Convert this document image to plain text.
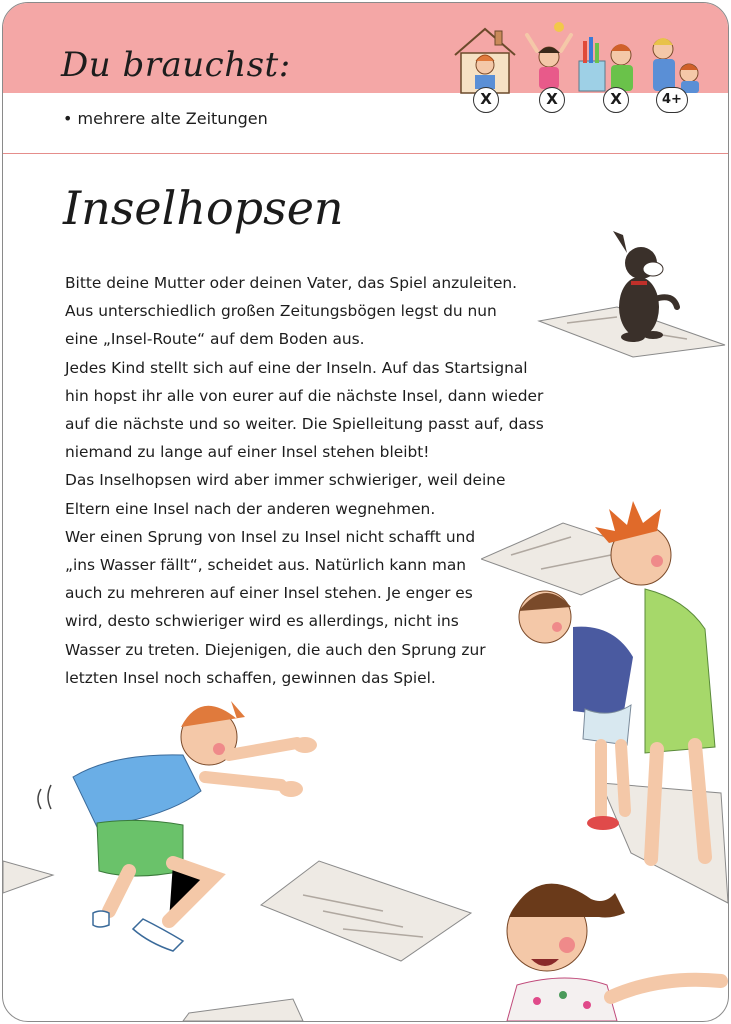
Du brauchst:
• mehrere alte Zeitungen
X	X	X	4+
Inselhopsen
Bitte deine Mutter oder deinen Vater, das Spiel anzuleiten.
Aus unterschiedlich großen Zeitungsbögen legst du nun
eine „Insel-Route“ auf dem Boden aus.
Jedes Kind stellt sich auf eine der Inseln. Auf das Startsignal
hin hopst ihr alle von eurer auf die nächste Insel, dann wieder
auf die nächste und so weiter. Die Spielleitung passt auf, dass
niemand zu lange auf einer Insel stehen bleibt!
Das Inselhopsen wird aber immer schwieriger, weil deine
Eltern eine Insel nach der anderen wegnehmen.
Wer einen Sprung von Insel zu Insel nicht schafft und
„ins Wasser fällt“, scheidet aus. Natürlich kann man
auch zu mehreren auf einer Insel stehen. Je enger es
wird, desto schwieriger wird es allerdings, nicht ins
Wasser zu treten. Diejenigen, die auch den Sprung zur
letzten Insel noch schaffen, gewinnen das Spiel.
